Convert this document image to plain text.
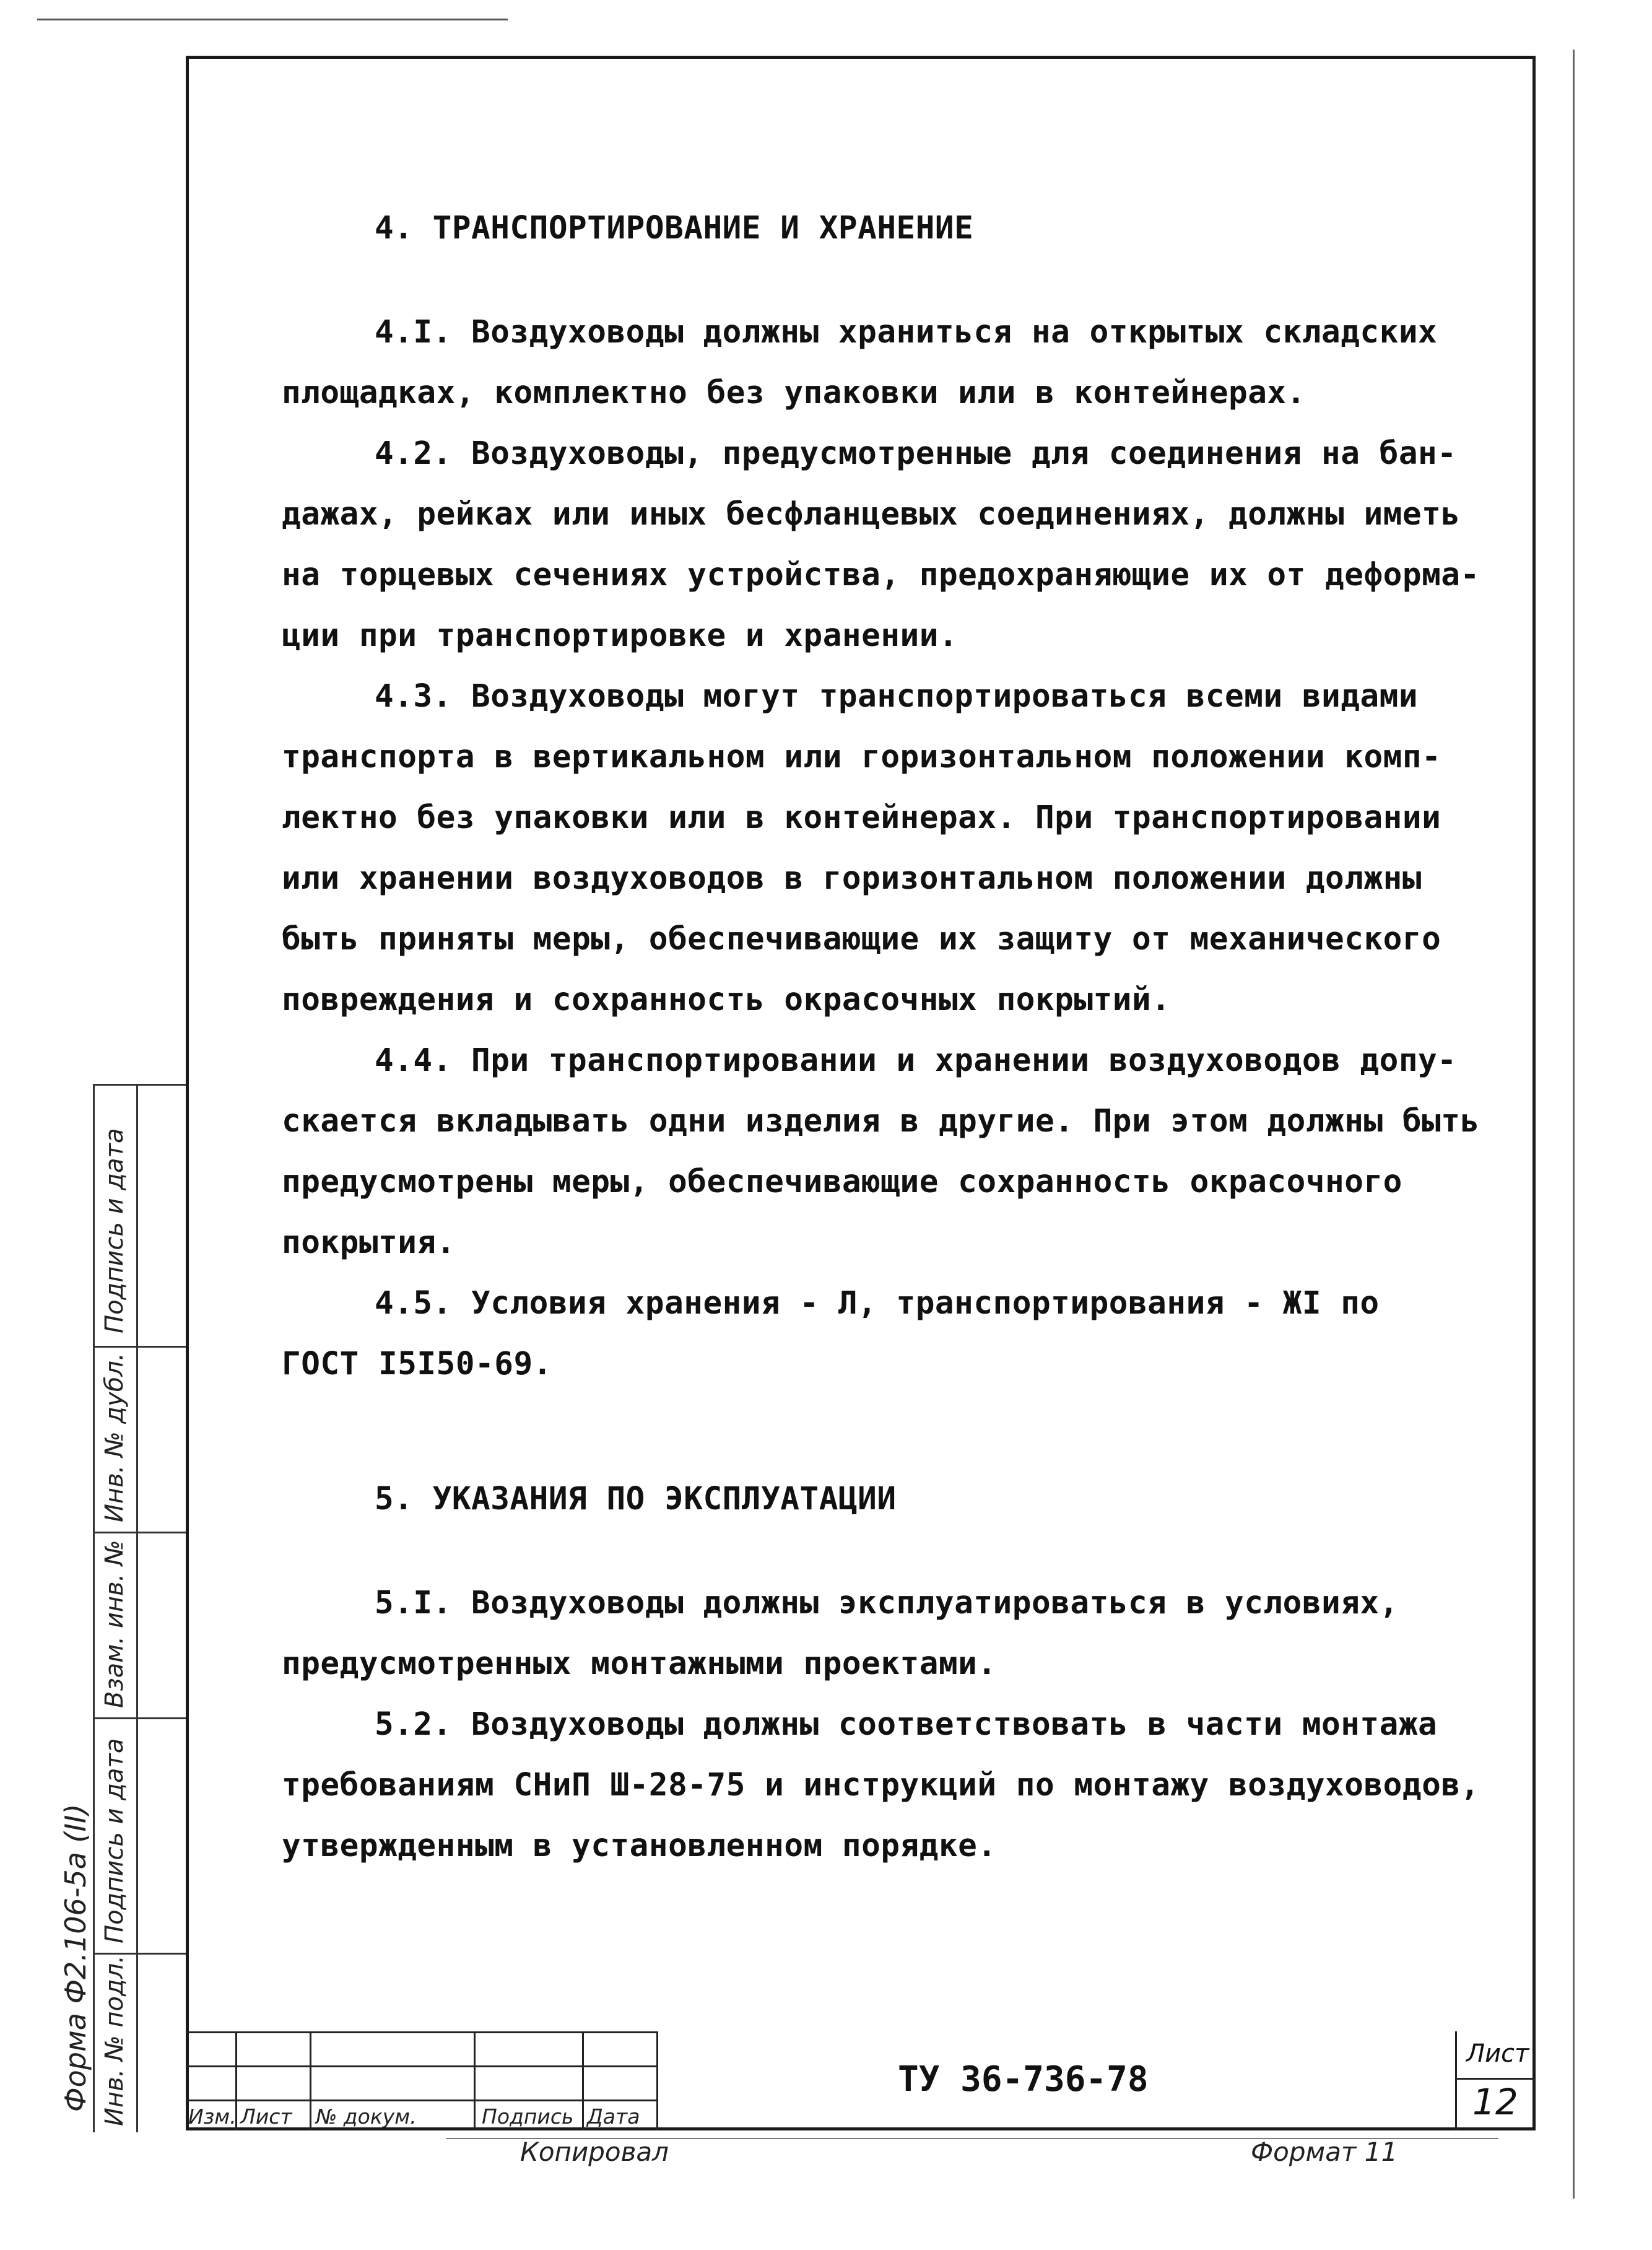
4. ТРАНСПОРТИРОВАНИЕ И ХРАНЕНИЕ

4.I. Воздуховоды должны храниться на открытых складских

площадках, комплектно без упаковки или в контейнерах.

4.2. Воздуховоды, предусмотренные для соединения на бан-

дажах, рейках или иных бесфланцевых соединениях, должны иметь

на торцевых сечениях устройства, предохраняющие их от деформа-

ции при транспортировке и хранении.

4.3. Воздуховоды могут транспортироваться всеми видами

транспорта в вертикальном или горизонтальном положении комп-

лектно без упаковки или в контейнерах. При транспортировании

или хранении воздуховодов в горизонтальном положении должны

быть приняты меры, обеспечивающие их защиту от механического

повреждения и сохранность окрасочных покрытий.

4.4. При транспортировании и хранении воздуховодов допу-

скается вкладывать одни изделия в другие. При этом должны быть

предусмотрены меры, обеспечивающие сохранность окрасочного

покрытия.

4.5. Условия хранения - Л, транспортирования - ЖI по

ГОСТ I5I50-69.

5. УКАЗАНИЯ ПО ЭКСПЛУАТАЦИИ

5.I. Воздуховоды должны эксплуатироваться в условиях,

предусмотренных монтажными проектами.

5.2. Воздуховоды должны соответствовать в части монтажа

требованиям СНиП Ш-28-75 и инструкций по монтажу воздуховодов,

утвержденным в установленном порядке.

Подпись и дата
Инв. № дубл.
Взам. инв. №
Подпись и дата
Инв. № подл.
Форма Ф2.106-5а (II)
Изм. Лист № докум.	Подпись Дата
ТУ 36-736-78
Лист
12
Копировал	Формат 11
